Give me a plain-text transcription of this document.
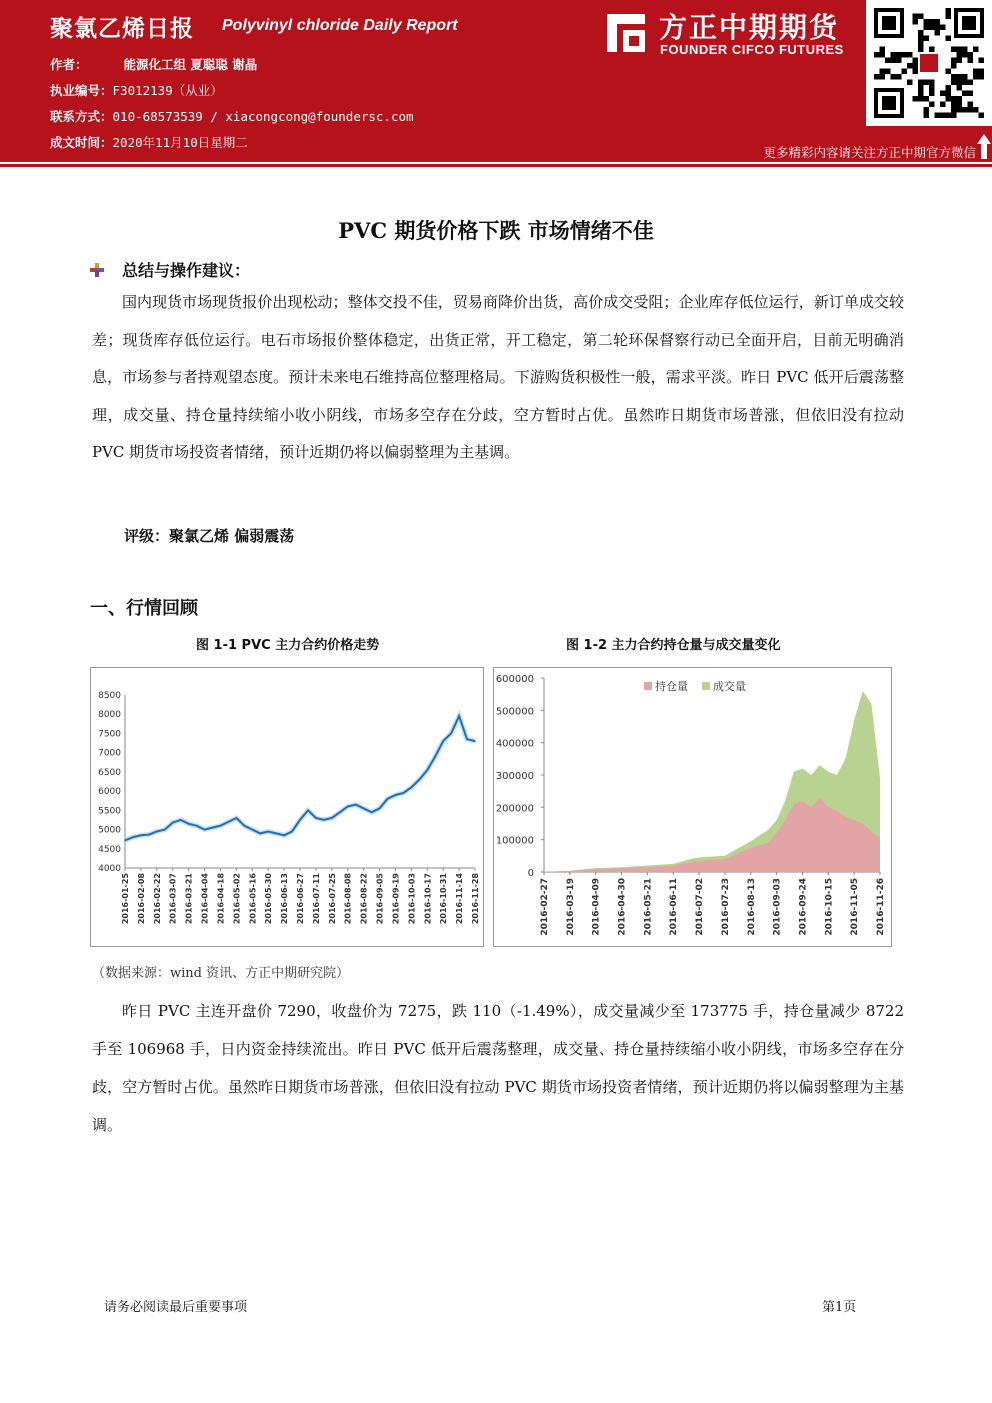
聚氯乙烯日报 Polyvinyl chloride Daily Report
作者：	能源化工组 夏聪聪 谢晶
执业编号：F3012139（从业）
联系方式：010-68573539 / xiacongcong@foundersc.com
成文时间：2020年11月10日星期二
方正中期期货
FOUNDER CIFCO FUTURES
更多精彩内容请关注方正中期官方微信
PVC 期货价格下跌 市场情绪不佳
总结与操作建议：
国内现货市场现货报价出现松动；整体交投不佳，贸易商降价出货，高价成交受阻；企业库存低位运行，新订单成交较差；现货库存低位运行。电石市场报价整体稳定，出货正常，开工稳定，第二轮环保督察行动已全面开启，目前无明确消息，市场参与者持观望态度。预计未来电石维持高位整理格局。下游购货积极性一般，需求平淡。昨日 PVC 低开后震荡整理，成交量、持仓量持续缩小收小阴线，市场多空存在分歧，空方暂时占优。虽然昨日期货市场普涨，但依旧没有拉动 PVC 期货市场投资者情绪，预计近期仍将以偏弱整理为主基调。
评级：聚氯乙烯 偏弱震荡
一、行情回顾
图 1-1 PVC 主力合约价格走势	图 1-2 主力合约持仓量与成交量变化
4000
4500
5000
5500
6000
6500
7000
7500
8000
8500
2016-01-25 2016-02-08 2016-02-22 2016-03-07 2016-03-21 2016-04-04 2016-04-18 2016-05-02 2016-05-16 2016-05-30 2016-06-13 2016-06-27 2016-07-11 2016-07-25 2016-08-08 2016-08-22 2016-09-05 2016-09-19 2016-10-03 2016-10-17 2016-10-31 2016-11-14 2016-11-28	0
100000
200000
300000
400000
500000
600000
2016-02-27 2016-03-19 2016-04-09 2016-04-30 2016-05-21 2016-06-11 2016-07-02 2016-07-23 2016-08-13 2016-09-03 2016-09-24 2016-10-15 2016-11-05 2016-11-26
持仓量 成交量
（数据来源：wind 资讯、方正中期研究院）
昨日 PVC 主连开盘价 7290，收盘价为 7275，跌 110（-1.49%），成交量减少至 173775 手，持仓量减少 8722 手至 106968 手，日内资金持续流出。昨日 PVC 低开后震荡整理，成交量、持仓量持续缩小收小阴线，市场多空存在分歧，空方暂时占优。虽然昨日期货市场普涨，但依旧没有拉动 PVC 期货市场投资者情绪，预计近期仍将以偏弱整理为主基调。
请务必阅读最后重要事项	第1页
